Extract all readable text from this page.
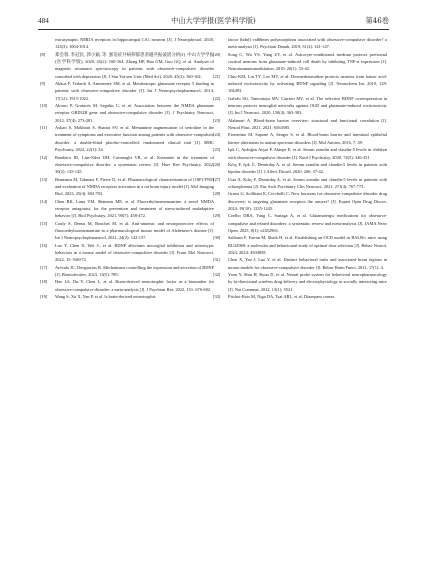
484	中山大学学报(医学科学版)	第46卷
extrasynaptic NMDA receptors in hippocampal CA1 neurons [J]. J Neurophysiol, 2020, 123(3): 1004-1014.
[8] 郑会蓉, 李冠民, 郭小颖, 等. 强迫症共病抑郁患者磁共振波谱分析[J]. 中山大学学报(医学科学版), 2020, 45(2): 160-164. Zheng HP, Hua GM, Guo GQ, et al. Analysis of magnetic resonance spectroscopy in patients with obsessive-compulsive disorder comorbid with depression [J]. J Sun Yat-sen Univ (Med Sci), 2020, 45(2): 160-164.
[9] Akkus F, Terbeck S, Ametamey SM, et al. Metabotropic glutamate receptor 5 binding in patients with obsessive-compulsive disorder [J]. Int J Neuropsychopharmacol, 2014, 17(12): 1915-1922.
[10] Alonso P, Gratacós M, Segalàs C, et al. Association between the NMDA glutamate receptor GRIN2B gene and obsessive-compulsive disorder [J]. J Psychiatry Neurosci, 2012, 37(4): 273-281.
[11] Askari S, Mokhtari S, Shariat SV, et al. Memantine augmentation of sertraline in the treatment of symptoms and executive function among patients with obsessive-compulsive disorder: a double-blind placebo-controlled, randomized clinical trial [J]. BMC Psychiatry, 2022, 22(1): 34.
[12] Bandeira ID, Lins-Silva DH, Cavenaghi VB, et al. Ketamine in the treatment of obsessive-compulsive disorder: a systematic review [J]. Harv Rev Psychiatry, 2022, 30(2): 135-145.
[13] Beumann M, Tahmasi F, Pierre D, et al. Pharmacological characterization of [18F]-FNM and evaluation of NMDA receptors activation in a rat brain injury model [J]. Mol Imaging Biol, 2023, 25(4): 692-703.
[14] Chen BK, Luna VM, Shannon ME, et al. Fluorethylnormemantine, a novel NMDA receptor antagonist, for the prevention and treatment of stress-induced maladaptive behavior [J]. Biol Psychiatry, 2021, 90(7): 458-472.
[15] Couly S, Denus M, Bouchet M, et al. Anti-amnesic and neuroprotective effects of fluoroethylnormemantine in a pharmacological mouse model of Alzheimer's disease [J]. Int J Neuropsychopharmacol, 2021, 24(2): 142-157.
[16] Luo Y, Chen X, Wei C, et al. BDNF alleviates microglial inhibition and stereotypic behaviors in a mouse model of obsessive-compulsive disorder [J]. Front Mol Neurosci, 2022, 15: 926572.
[17] Arévalo JC, Deogracias R. Mechanisms controlling the expression and secretion of BDNF [J]. Biomolecules, 2023, 13(5): 789.
[18] Hao LS, Du Y, Chen L, et al. Brain-derived neurotrophic factor as a biomarker for obsessive-compulsive disorder: a meta-analysis [J]. J Psychiatr Res, 2022, 151: 676-682.
[19] Wang S, Xu X, Yan P, et al. Is brain-derived neurotrophic
factor (bdnf) val66met polymorphism associated with obsessive-compulsive disorder? a meta-analysis [J]. Psychiatr Danub, 2019, 31(2): 141-147.
[20] Song C, Wu YS, Yang ZY, et al. Astrocyte-conditioned medium protects prefrontal cortical neurons from glutamate-induced cell death by inhibiting TNF-α expression [J]. Neuroimmunomodulation, 2019, 26(1): 33-42.
[21] Chiu KM, Lin TY, Lee MY, et al. Dexmedetomidine protects neurons from kainic acid-induced excitotoxicity by activating BDNF signaling [J]. Neurochem Int, 2019, 129: 104493.
[22] Galvão SG, Tanvuttaya MV, Carrieri MV, et al. The selective BDNF overexpression in neurons protects neuroglial networks against OGD and glutamate-induced excitotoxicity [J]. Int J Neurosci, 2020, 130(4): 363-383.
[23] Alahmari A. Blood-brain barrier overview: structural and functional correlation [J]. Neural Plast, 2021, 2021: 6564585.
[24] Fiorentino M, Sapone A, Senger S, et al. Blood-brain barrier and intestinal epithelial barrier alterations in autism spectrum disorders [J]. Mol Autism, 2016, 7: 49.
[25] Işık C, Aydoğan Avşar P, Aktepe E, et al. Serum zonulin and claudin-5 levels in children with obsessive-compulsive disorder [J]. Nord J Psychiatry, 2020, 74(5): 346-351.
[26] Kılıç F, Işık Ü, Demirdaş A, et al. Serum zonulin and claudin-5 levels in patients with bipolar disorder [J]. J Affect Disord, 2020, 266: 37-42.
[27] Usta A, Kılıç F, Demirdaş A, et al. Serum zonulin and claudin-5 levels in patients with schizophrenia [J]. Eur Arch Psychiatry Clin Neurosci, 2021, 271(4): 767-773.
[28] Grassi G, Scillitani E, Cecchelli C. New horizons for obsessive-compulsive disorder drug discovery: is targeting glutamate receptors the answer? [J]. Expert Opin Drug Discov, 2024, 19(10): 1235-1245.
[29] Coelho DRA, Yang C, Sariaga A, et al. Glutamatergic medications for obsessive-compulsive and related disorders: a systematic review and meta-analysis [J]. JAMA Netw Open, 2025, 8(1): e2452963.
[30] Salloum F, Farran M, Shaib H, et al. Establishing an OCD model in BALB/c mice using RU24969: a molecular and behavioural study of optimal dose selection [J]. Behav Neurol, 2024, 2024: 4504858.
[31] Chen X, Yue J, Luo Y, et al. Distinct behavioral traits and associated brain regions in mouse models for obsessive-compulsive disorder [J]. Behav Brain Funct, 2021, 17(1): 4.
[32] Yoon Y, Shin H, Byun D, et al. Neural probe system for behavioral neuropharmacology by bi-directional wireless drug delivery and electrophysiology in socially interacting mice [J]. Nat Commun, 2022, 13(1): 5521.
[33] Pitchot-Bois M, Niga DA, Tsai ABL, et al. Diazepam causes
